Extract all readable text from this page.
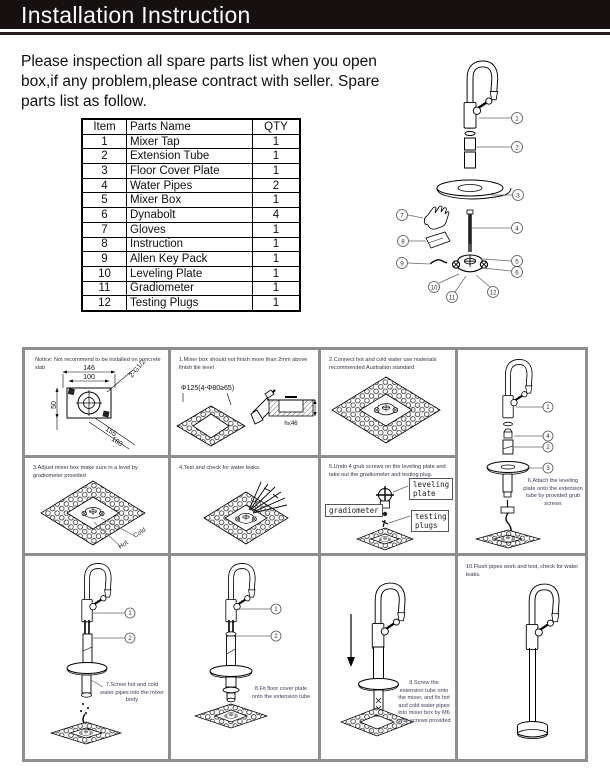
Installation Instruction
Please inspection all spare parts list when you open box,if any problem,please contract with seller. Spare parts list as follow.
Item	Parts Name	QTY
1	Mixer Tap	1
2	Extension Tube	1
3	Floor Cover Plate	1
4	Water Pipes	2
5	Mixer Box	1
6	Dynabolt	4
7	Gloves	1
8	Instruction	1
9	Allen Key Pack	1
10	Leveling Plate	1
11	Gradiometer	1
12	Testing Plugs	1
1
2
3
4
5
6
7
8
9
10
11
12
Notice: Not recommend to be installed on concrete slab	146
100
50
2-G1/2
155
180
1.Mixer box should not finish more than 2mm above finish tile level
Φ125(4-Φ80≥65)
h≤46
2.Connect hot and cold water use materials recommended Australian standard
6.Attach the leveling plate onto the extension tube by provided grub screws
1
4
2
3
3.Adjust mixer box make sure in a level by gradiometer provided
Cold
Hot
4.Test and check for water leaks.	5.Undo 4 grub screws on the leveling plate and take out the gradiometer and testing plug.
leveling plate
gradiometer
testing plugs
7.Screw hot and cold water pipes into the mixer body
1
2
8.Fit floor cover plate onto the extension tube
1
2
9.Screw the extension tube onto the mixer, and fix hot and cold water pipes into mixer box by M6 grub screws provided
10.Flush pipes work and test, check for water leaks.
